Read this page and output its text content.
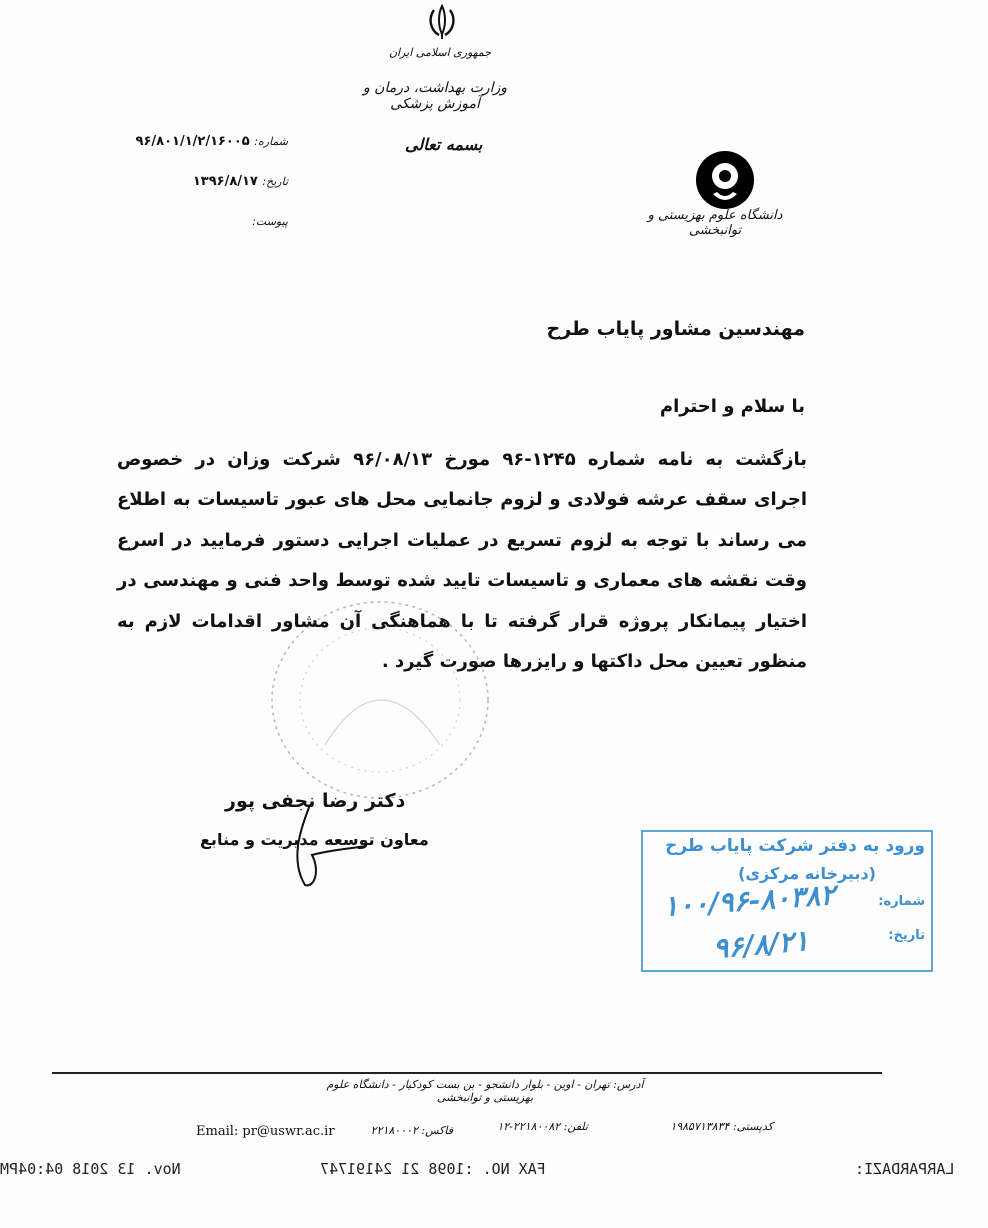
جمهوری اسلامی ایران
وزارت بهداشت، درمان و آموزش پزشکی
بسمه تعالی
شماره: ۹۶/۸۰۱/۱/۲/۱۶۰۰۵
تاریخ: ۱۳۹۶/۸/۱۷
پیوست:	دانشگاه علوم بهزیستی و توانبخشی
مهندسین مشاور پایاب طرح
با سلام و احترام
بازگشت به نامه شماره ۱۲۴۵-۹۶ مورخ ۹۶/۰۸/۱۳ شرکت وزان در خصوص اجرای سقف عرشه فولادی و لزوم جانمایی محل های عبور تاسیسات به اطلاع می رساند با توجه به لزوم تسریع در عملیات اجرایی دستور فرمایید در اسرع وقت نقشه های معماری و تاسیسات تایید شده توسط واحد فنی و مهندسی در اختیار پیمانکار پروژه قرار گرفته تا با هماهنگی آن مشاور اقدامات لازم به منظور تعیین محل داکتها و رایزرها صورت گیرد .
دکتر رضا نجفی پور
معاون توسعه مدیریت و منابع	ورود به دفتر شرکت پایاب طرح
(دبیرخانه مرکزی)
شماره:
تاریخ:
۱۰۰/۹۶-۸۰۳۸۲
۹۶/۸/۲۱
آدرس: تهران - اوین - بلوار دانشجو - بن بست کودکیار - دانشگاه علوم بهزیستی و توانبخشی
کدپستی: ۱۹۸۵۷۱۳۸۳۴
تلفن: ۲۲۱۸۰۰۸۲-۱۲
فاکس: ۲۲۱۸۰۰۰۲
Email: pr@uswr.ac.ir
LARPARDAZI:
FAX NO. :1098 21 24191747
Nov. 13 2018 04:04PM
